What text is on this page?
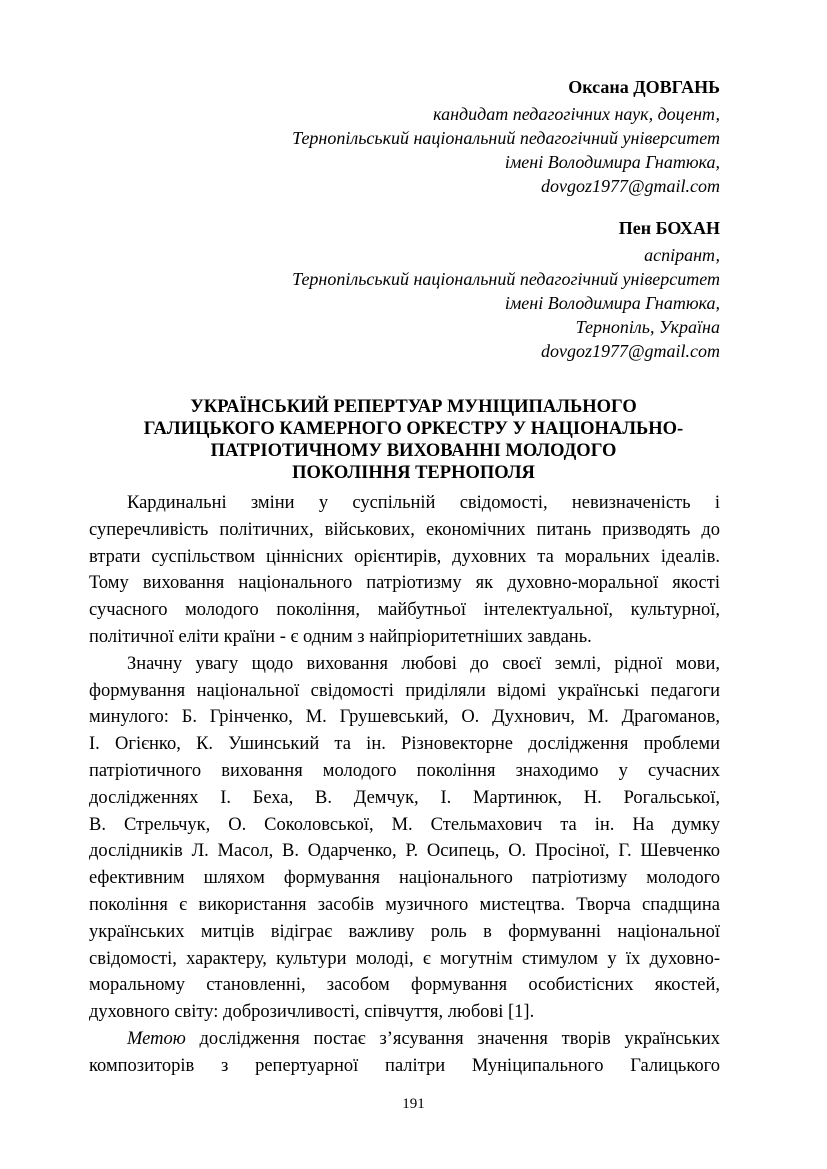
Оксана ДОВГАНЬ
кандидат педагогічних наук, доцент,
Тернопільський національний педагогічний університет
імені Володимира Гнатюка,
dovgoz1977@gmail.com
Пен БОХАН
аспірант,
Тернопільський національний педагогічний університет
імені Володимира Гнатюка,
Тернопіль, Україна
dovgoz1977@gmail.com
УКРАЇНСЬКИЙ РЕПЕРТУАР МУНІЦИПАЛЬНОГО
ГАЛИЦЬКОГО КАМЕРНОГО ОРКЕСТРУ У НАЦІОНАЛЬНО-
ПАТРІОТИЧНОМУ ВИХОВАННІ МОЛОДОГО
ПОКОЛІННЯ ТЕРНОПОЛЯ
Кардинальні зміни у суспільній свідомості, невизначеність і
суперечливість політичних, військових, економічних питань призводять до
втрати суспільством ціннісних орієнтирів, духовних та моральних ідеалів.
Тому виховання національного патріотизму як духовно-моральної якості
сучасного молодого покоління, майбутньої інтелектуальної, культурної,
політичної еліти країни - є одним з найпріоритетніших завдань.
Значну увагу щодо виховання любові до своєї землі, рідної мови,
формування національної свідомості приділяли відомі українські педагоги
минулого: Б. Грінченко, М. Грушевський, О. Духнович, М. Драгоманов,
І. Огієнко, К. Ушинський та ін. Різновекторне дослідження проблеми
патріотичного виховання молодого покоління знаходимо у сучасних
дослідженнях І. Беха, В. Демчук, І. Мартинюк, Н. Рогальської,
В. Стрельчук, О. Соколовської, М. Стельмахович та ін. На думку
дослідників Л. Масол, В. Одарченко, Р. Осипець, О. Просіної, Г. Шевченко
ефективним шляхом формування національного патріотизму молодого
покоління є використання засобів музичного мистецтва. Творча спадщина
українських митців відіграє важливу роль в формуванні національної
свідомості, характеру, культури молоді, є могутнім стимулом у їх духовно-
моральному становленні, засобом формування особистісних якостей,
духовного світу: доброзичливості, співчуття, любові [1].
Метою дослідження постає з’ясування значення творів українських
композиторів з репертуарної палітри Муніципального Галицького
191
